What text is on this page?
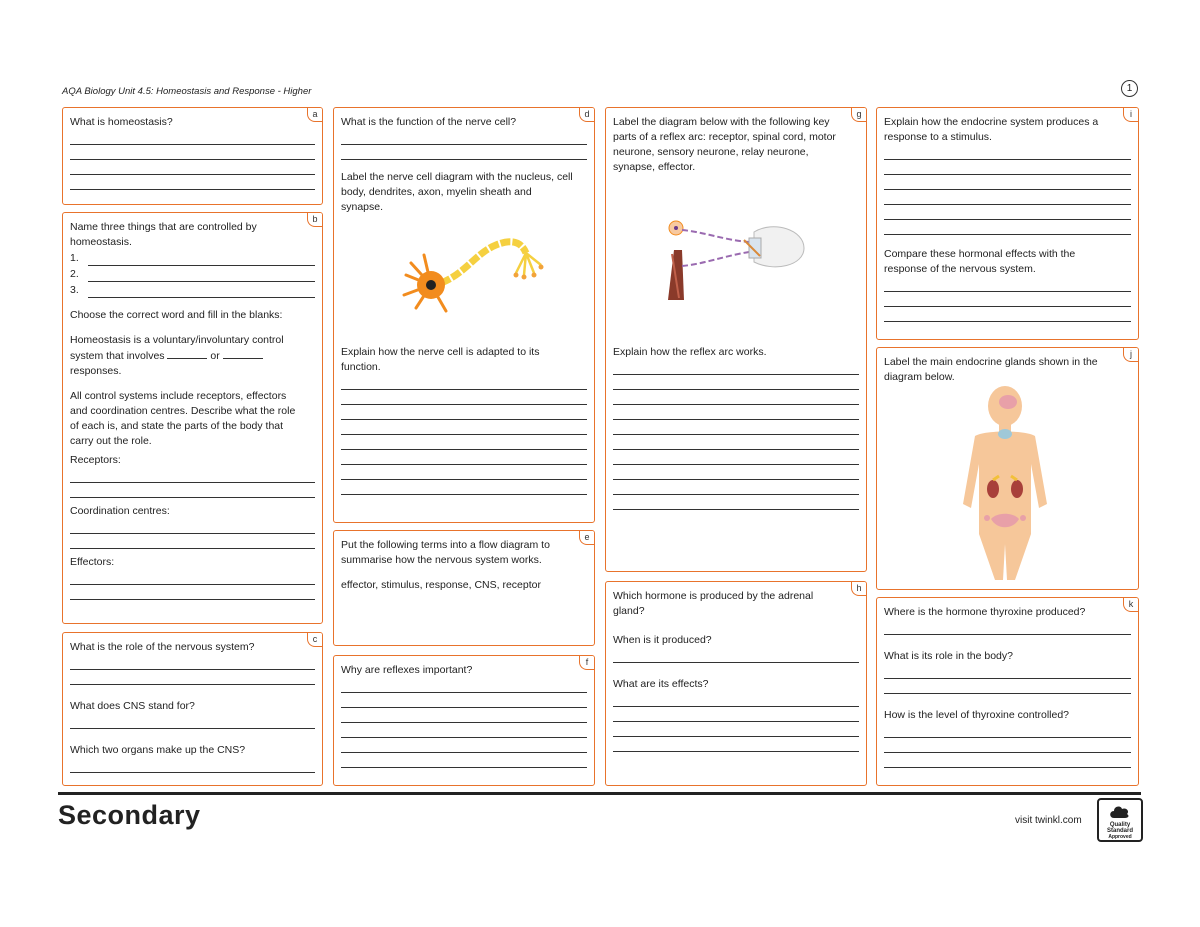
AQA Biology Unit 4.5: Homeostasis and Response - Higher	1
a

What is homeostasis?

b

Name three things that are controlled by homeostasis.

1.
2.
3.

Choose the correct word and fill in the blanks:

Homeostasis is a voluntary/involuntary control system that involves	or  responses.

All control systems include receptors, effectors and coordination centres. Describe what the role of each is, and state the parts of the body that carry out the role.

Receptors:

Coordination centres:

Effectors:

c

What is the role of the nervous system?

What does CNS stand for?

Which two organs make up the CNS?

d

What is the function of the nerve cell?

Label the nerve cell diagram with the nucleus, cell body, dendrites, axon, myelin sheath and synapse.

Explain how the nerve cell is adapted to its function.

e

Put the following terms into a flow diagram to summarise how the nervous system works.

effector, stimulus, response, CNS, receptor

f

Why are reflexes important?

g

Label the diagram below with the following key parts of a reflex arc: receptor, spinal cord, motor neurone, sensory neurone, relay neurone, synapse, effector.

Explain how the reflex arc works.

h

Which hormone is produced by the adrenal gland?

When is it produced?

What are its effects?

i

Explain how the endocrine system produces a response to a stimulus.

Compare these hormonal effects with the response of the nervous system.

j

Label the main endocrine glands shown in the diagram below.

k

Where is the hormone thyroxine produced?

What is its role in the body?

How is the level of thyroxine controlled?

Secondary	visit twinkl.com	Quality Standard
Approved
